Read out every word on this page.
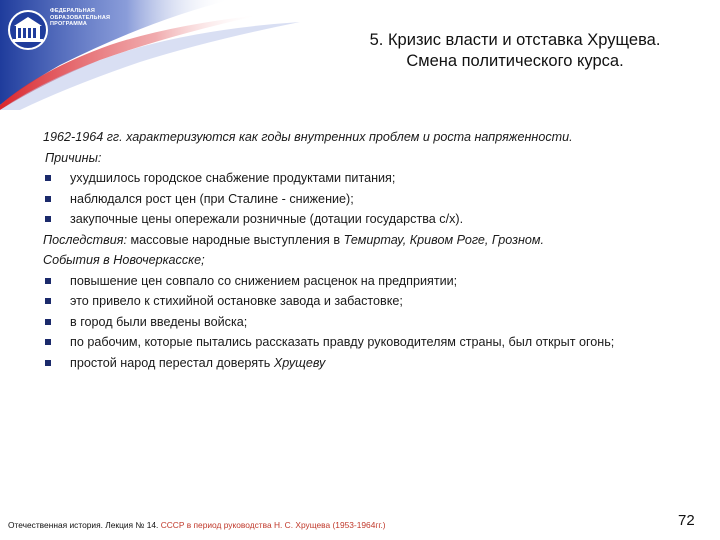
ФЕДЕРАЛЬНАЯ
ОБРАЗОВАТЕЛЬНАЯ
ПРОГРАММА
5. Кризис власти и отставка Хрущева.
Смена политического курса.
1962-1964 гг. характеризуются как годы внутренних проблем и роста напряженности.
Причины:
ухудшилось городское снабжение продуктами питания;
наблюдался рост цен (при Сталине - снижение);
закупочные цены опережали розничные (дотации государства с/х).
Последствия: массовые народные выступления в Темиртау, Кривом Роге, Грозном.
События в Новочеркасске;
повышение цен совпало со снижением расценок на предприятии;
это привело к стихийной остановке завода и забастовке;
в город были введены войска;
по рабочим, которые пытались рассказать правду руководителям страны, был открыт огонь;
простой народ перестал доверять Хрущеву
Отечественная история. Лекция № 14. СССР в период руководства Н. С. Хрущева (1953-1964гг.)	72
